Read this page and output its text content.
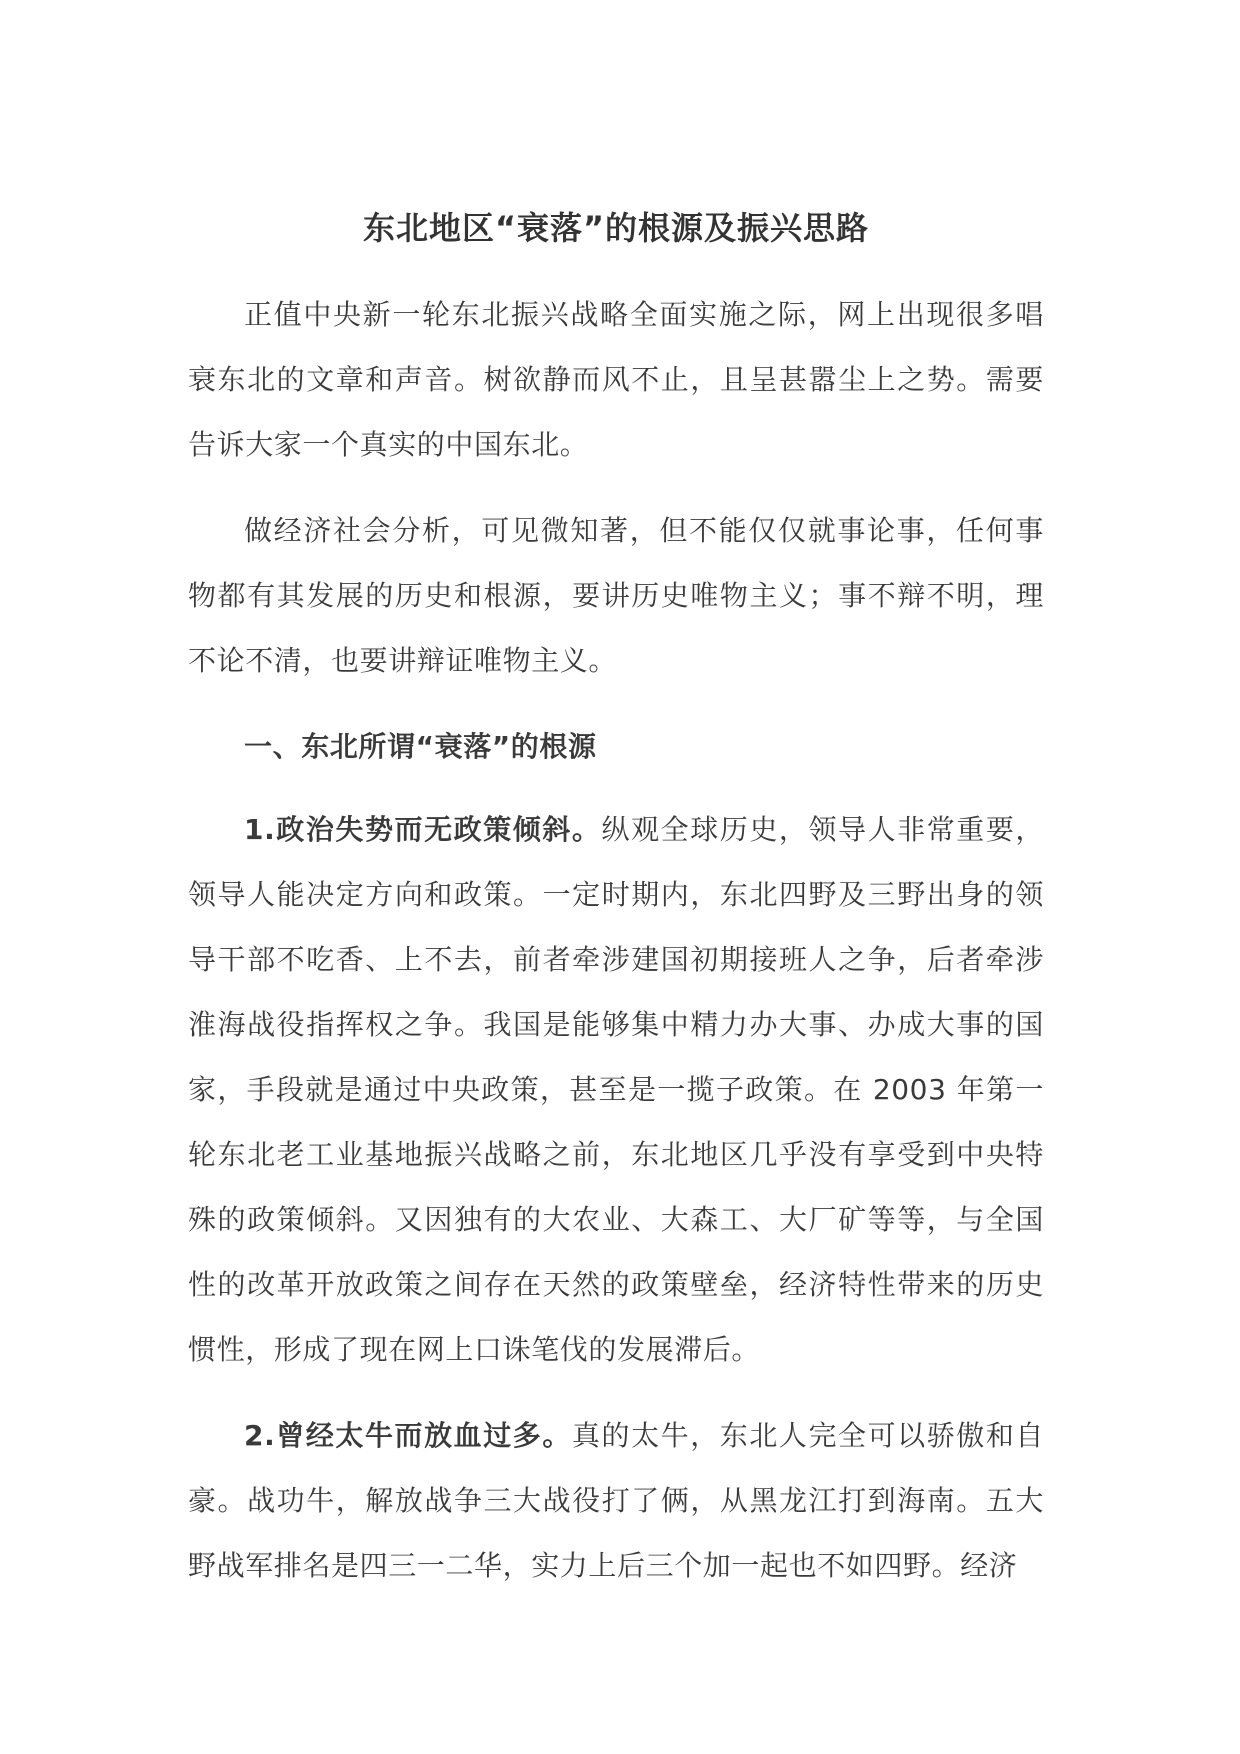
东北地区“衰落”的根源及振兴思路

正值中央新一轮东北振兴战略全面实施之际，网上出现很多唱衰东北的文章和声音。树欲静而风不止，且呈甚嚣尘上之势。需要告诉大家一个真实的中国东北。

做经济社会分析，可见微知著，但不能仅仅就事论事，任何事物都有其发展的历史和根源，要讲历史唯物主义；事不辩不明，理不论不清，也要讲辩证唯物主义。

一、东北所谓“衰落”的根源

1.政治失势而无政策倾斜。纵观全球历史，领导人非常重要，领导人能决定方向和政策。一定时期内，东北四野及三野出身的领导干部不吃香、上不去，前者牵涉建国初期接班人之争，后者牵涉淮海战役指挥权之争。我国是能够集中精力办大事、办成大事的国家，手段就是通过中央政策，甚至是一揽子政策。在 2003 年第一轮东北老工业基地振兴战略之前，东北地区几乎没有享受到中央特殊的政策倾斜。又因独有的大农业、大森工、大厂矿等等，与全国性的改革开放政策之间存在天然的政策壁垒，经济特性带来的历史惯性，形成了现在网上口诛笔伐的发展滞后。

2.曾经太牛而放血过多。真的太牛，东北人完全可以骄傲和自豪。战功牛，解放战争三大战役打了俩，从黑龙江打到海南。五大野战军排名是四三一二华，实力上后三个加一起也不如四野。经济
